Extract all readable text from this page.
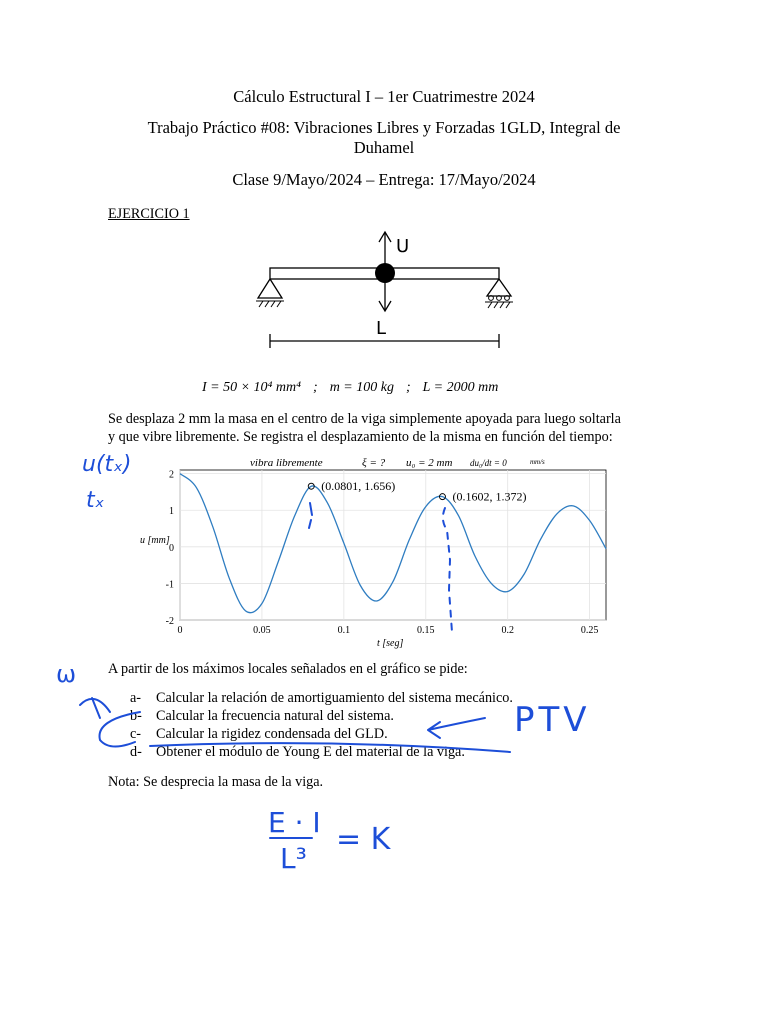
Cálculo Estructural I – 1er Cuatrimestre 2024
Trabajo Práctico #08: Vibraciones Libres y Forzadas 1GLD, Integral de
Duhamel
Clase 9/Mayo/2024 – Entrega: 17/Mayo/2024
EJERCICIO 1
U
L
I = 50 × 10⁴ mm⁴ ; m = 100 kg ; L = 2000 mm
Se desplaza 2 mm la masa en el centro de la viga simplemente apoyada para luego soltarla
y que vibre libremente. Se registra el desplazamiento de la misma en función del tiempo:
vibra libremente	ξ = ? u₀ = 2 mm du₀/dt = 0	mm/s
0	0.05	0.1	0.15	0.2	0.25
2
1
0
-1
-2
(0.0801, 1.656)
(0.1602, 1.372)
t [seg]
u [mm]
A partir de los máximos locales señalados en el gráfico se pide:
a-	Calcular la relación de amortiguamiento del sistema mecánico.
b- Calcular la frecuencia natural del sistema.
c-	Calcular la rigidez condensada del GLD.
d- Obtener el módulo de Young E del material de la viga.
Nota: Se desprecia la masa de la viga.
u(tₓ)
tₓ
ω
PTV
E · I
L³
= K
